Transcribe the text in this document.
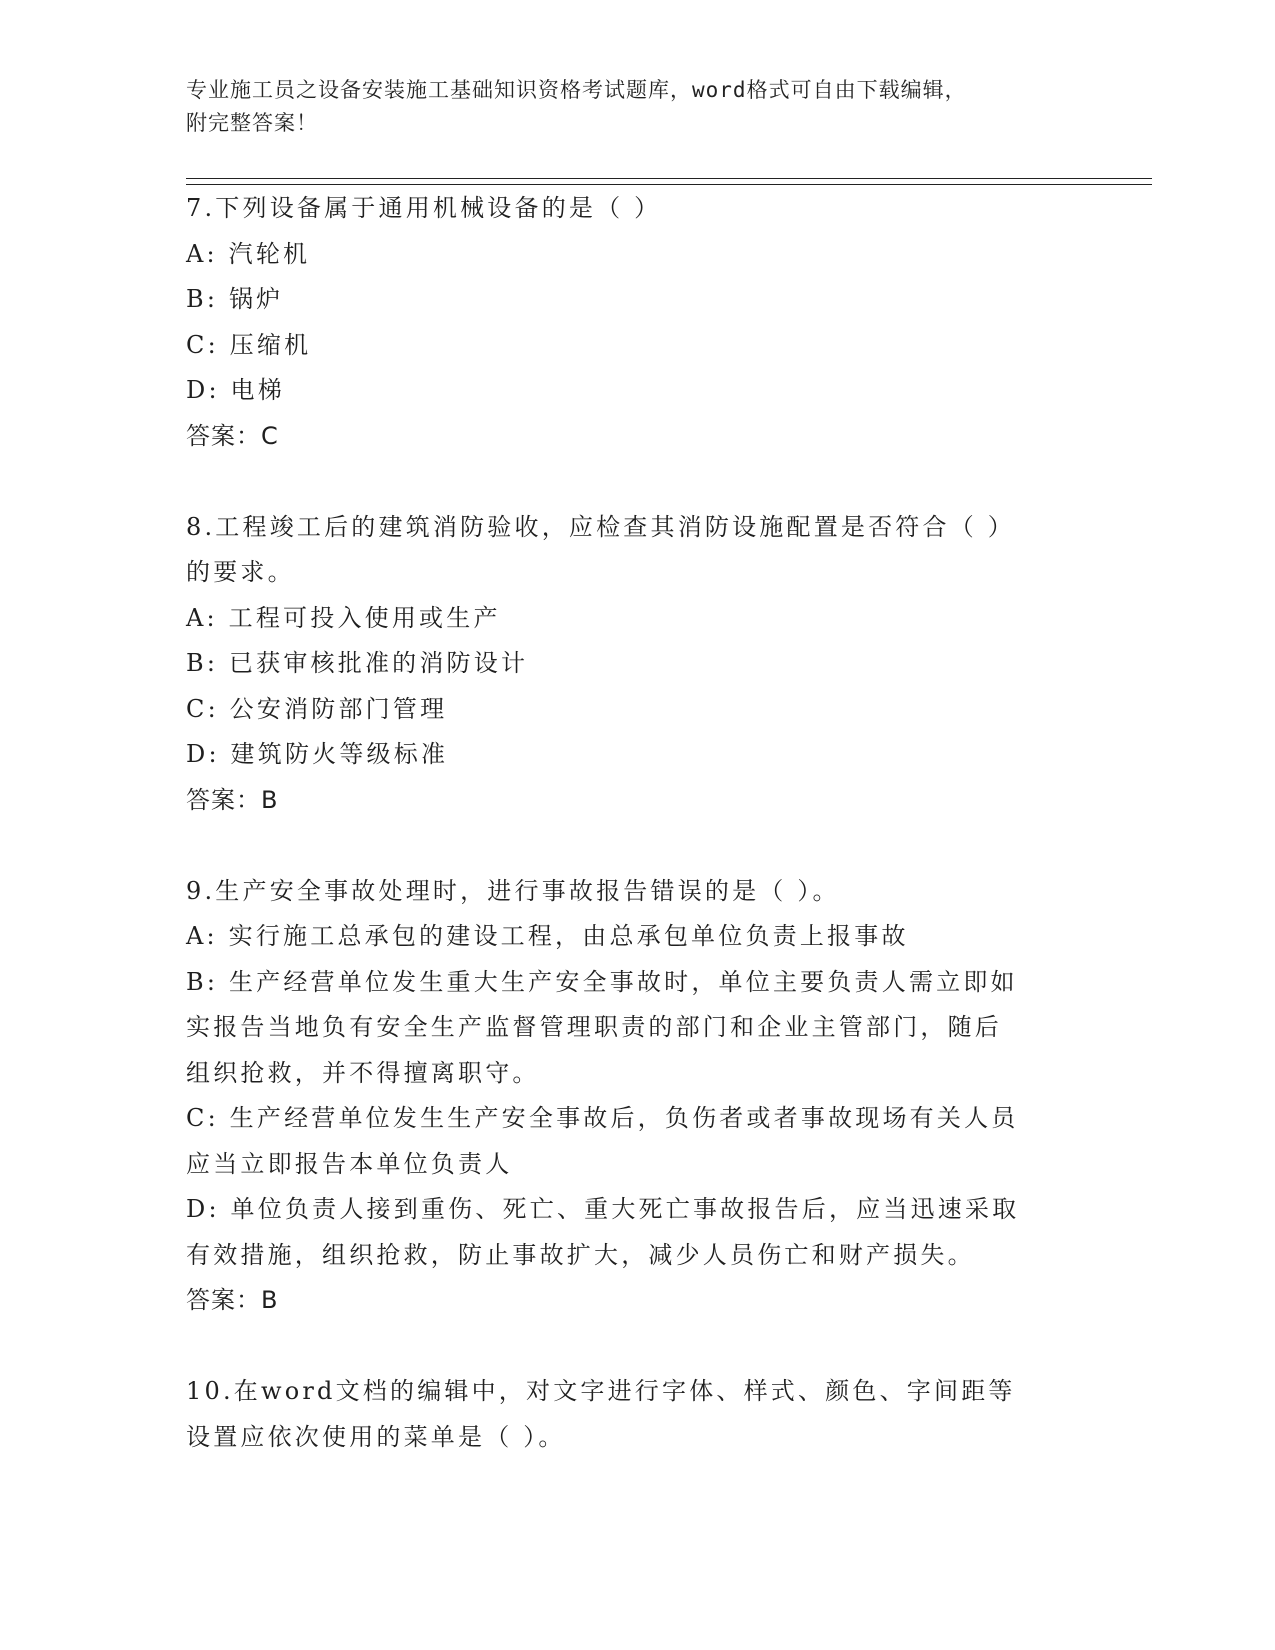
专业施工员之设备安装施工基础知识资格考试题库，word格式可自由下载编辑，
附完整答案！
7.下列设备属于通用机械设备的是（ ）
A: 汽轮机
B: 锅炉
C: 压缩机
D: 电梯
答案：C
8.工程竣工后的建筑消防验收，应检查其消防设施配置是否符合（ ）
的要求。
A: 工程可投入使用或生产
B: 已获审核批准的消防设计
C: 公安消防部门管理
D: 建筑防火等级标准
答案：B
9.生产安全事故处理时，进行事故报告错误的是（ ）。
A: 实行施工总承包的建设工程，由总承包单位负责上报事故
B: 生产经营单位发生重大生产安全事故时，单位主要负责人需立即如
实报告当地负有安全生产监督管理职责的部门和企业主管部门，随后
组织抢救，并不得擅离职守。
C: 生产经营单位发生生产安全事故后，负伤者或者事故现场有关人员
应当立即报告本单位负责人
D: 单位负责人接到重伤、死亡、重大死亡事故报告后，应当迅速采取
有效措施，组织抢救，防止事故扩大，减少人员伤亡和财产损失。
答案：B
10.在word文档的编辑中，对文字进行字体、样式、颜色、字间距等
设置应依次使用的菜单是（ ）。
